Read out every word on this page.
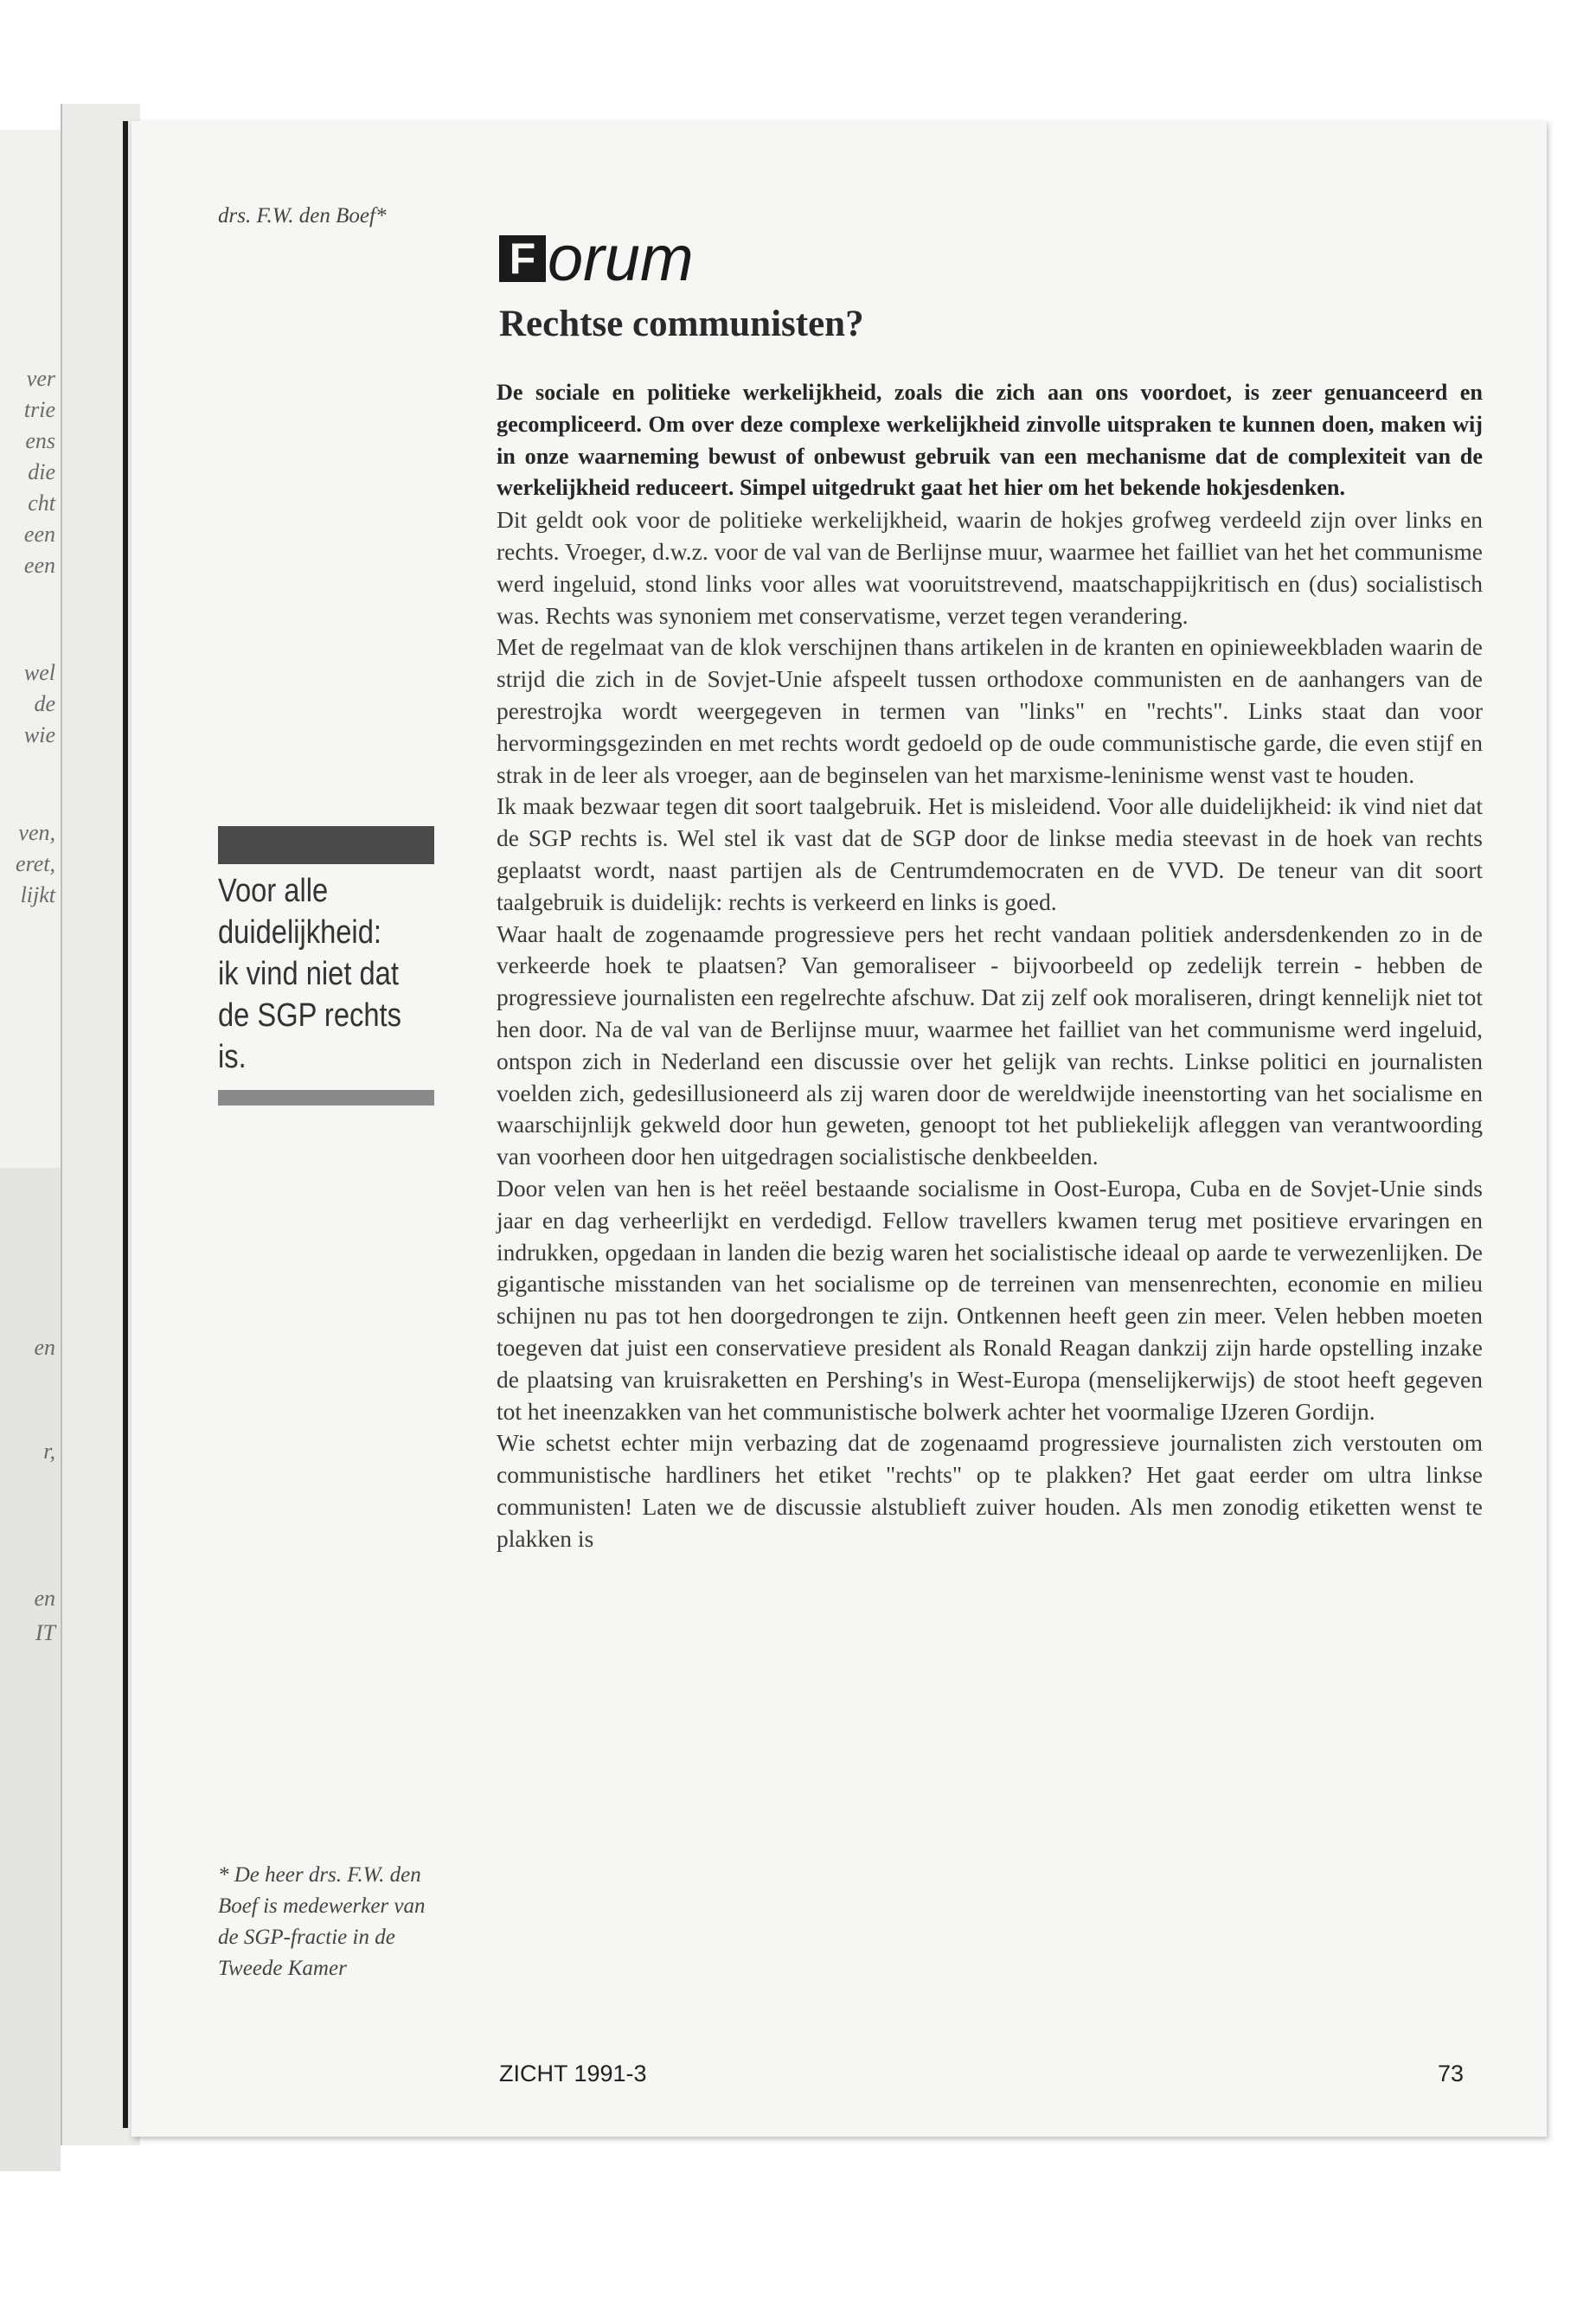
ver
trie
ens
die
cht
een
een
wel
de
wie
ven,
eret,
lijkt
en
r,
en
IT
drs. F.W. den Boef*
F orum
Rechtse communisten?

De sociale en politieke werkelijkheid, zoals die zich aan ons voordoet, is zeer genuanceerd en gecompliceerd. Om over deze complexe werkelijkheid zinvolle uitspraken te kunnen doen, maken wij in onze waarneming bewust of onbewust gebruik van een mechanisme dat de complexiteit van de werkelijkheid reduceert. Simpel uitgedrukt gaat het hier om het bekende hokjesdenken.

Dit geldt ook voor de politieke werkelijkheid, waarin de hokjes grofweg verdeeld zijn over links en rechts. Vroeger, d.w.z. voor de val van de Berlijnse muur, waarmee het failliet van het het communisme werd ingeluid, stond links voor alles wat vooruitstrevend, maatschappijkritisch en (dus) socialistisch was. Rechts was synoniem met conservatisme, verzet tegen verandering.

Met de regelmaat van de klok verschijnen thans artikelen in de kranten en opinieweekbladen waarin de strijd die zich in de Sovjet-Unie afspeelt tussen orthodoxe communisten en de aanhangers van de perestrojka wordt weergegeven in termen van "links" en "rechts". Links staat dan voor hervormingsgezinden en met rechts wordt gedoeld op de oude communistische garde, die even stijf en strak in de leer als vroeger, aan de beginselen van het marxisme-leninisme wenst vast te houden.

Ik maak bezwaar tegen dit soort taalgebruik. Het is misleidend. Voor alle duidelijkheid: ik vind niet dat de SGP rechts is. Wel stel ik vast dat de SGP door de linkse media steevast in de hoek van rechts geplaatst wordt, naast partijen als de Centrumdemocraten en de VVD. De teneur van dit soort taalgebruik is duidelijk: rechts is verkeerd en links is goed.

Waar haalt de zogenaamde progressieve pers het recht vandaan politiek andersdenkenden zo in de verkeerde hoek te plaatsen? Van gemoraliseer - bijvoorbeeld op zedelijk terrein - hebben de progressieve journalisten een regelrechte afschuw. Dat zij zelf ook moraliseren, dringt kennelijk niet tot hen door. Na de val van de Berlijnse muur, waarmee het failliet van het communisme werd ingeluid, ontspon zich in Nederland een discussie over het gelijk van rechts. Linkse politici en journalisten voelden zich, gedesillusioneerd als zij waren door de wereldwijde ineenstorting van het socialisme en waarschijnlijk gekweld door hun geweten, genoopt tot het publiekelijk afleggen van verantwoording van voorheen door hen uitgedragen socialistische denkbeelden.

Door velen van hen is het reëel bestaande socialisme in Oost-Europa, Cuba en de Sovjet-Unie sinds jaar en dag verheerlijkt en verdedigd. Fellow travellers kwamen terug met positieve ervaringen en indrukken, opgedaan in landen die bezig waren het socialistische ideaal op aarde te verwezenlijken. De gigantische misstanden van het socialisme op de terreinen van mensenrechten, economie en milieu schijnen nu pas tot hen doorgedrongen te zijn. Ontkennen heeft geen zin meer. Velen hebben moeten toegeven dat juist een conservatieve president als Ronald Reagan dankzij zijn harde opstelling inzake de plaatsing van kruisraketten en Pershing's in West-Europa (menselijkerwijs) de stoot heeft gegeven tot het ineenzakken van het communistische bolwerk achter het voormalige IJzeren Gordijn.

Wie schetst echter mijn verbazing dat de zogenaamd progressieve journalisten zich verstouten om communistische hardliners het etiket "rechts" op te plakken? Het gaat eerder om ultra linkse communisten! Laten we de discussie alstublieft zuiver houden. Als men zonodig etiketten wenst te plakken is

Voor alle duidelijkheid: ik vind niet dat de SGP rechts is.
* De heer drs. F.W. den Boef is medewerker van de SGP-fractie in de Tweede Kamer
ZICHT 1991-3	73
